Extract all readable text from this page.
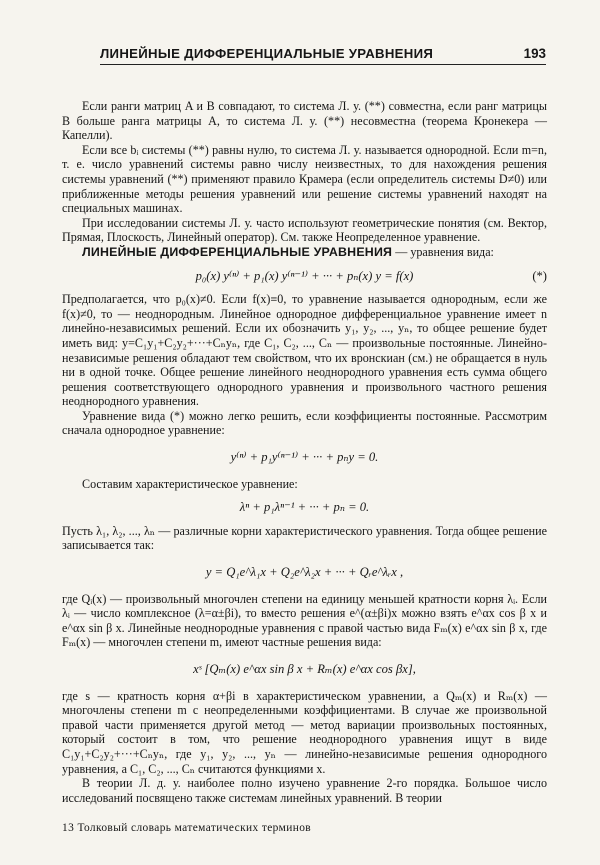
ЛИНЕЙНЫЕ ДИФФЕРЕНЦИАЛЬНЫЕ УРАВНЕНИЯ	193

Если ранги матриц A и B совпадают, то система Л. у. (**) совместна, если ранг матрицы B больше ранга матрицы A, то система Л. у. (**) несовместна (теорема Кронекера — Капелли).

Если все bᵢ системы (**) равны нулю, то система Л. у. называется однородной. Если m=n, т. е. число уравнений системы равно числу неизвестных, то для нахождения решения системы уравнений (**) применяют правило Крамера (если определитель системы D≠0) или приближенные методы решения уравнений или решение системы уравнений находят на специальных машинах.

При исследовании системы Л. у. часто используют геометрические понятия (см. Вектор, Прямая, Плоскость, Линейный оператор). См. также Неопределенное уравнение.

ЛИНЕЙНЫЕ ДИФФЕРЕНЦИАЛЬНЫЕ УРАВНЕНИЯ — уравнения вида:

p₀(x) y⁽ⁿ⁾ + p₁(x) y⁽ⁿ⁻¹⁾ + ··· + pₙ(x) y = f(x)	(*)

Предполагается, что p₀(x)≠0. Если f(x)≡0, то уравнение называется однородным, если же f(x)≠0, то — неоднородным. Линейное однородное дифференциальное уравнение имеет n линейно-независимых решений. Если их обозначить y₁, y₂, ..., yₙ, то общее решение будет иметь вид: y=C₁y₁+C₂y₂+···+Cₙyₙ, где C₁, C₂, ..., Cₙ — произвольные постоянные. Линейно-независимые решения обладают тем свойством, что их вронскиан (см.) не обращается в нуль ни в одной точке. Общее решение линейного неоднородного уравнения есть сумма общего решения соответствующего однородного уравнения и произвольного частного решения неоднородного уравнения.

Уравнение вида (*) можно легко решить, если коэффициенты постоянные. Рассмотрим сначала однородное уравнение:

y⁽ⁿ⁾ + p₁y⁽ⁿ⁻¹⁾ + ··· + pₙy = 0.

Составим характеристическое уравнение:

λⁿ + p₁λⁿ⁻¹ + ··· + pₙ = 0.

Пусть λ₁, λ₂, ..., λₙ — различные корни характеристического уравнения. Тогда общее решение записывается так:

y = Q₁e^λ₁x + Q₂e^λ₂x + ··· + Qᵣe^λᵣx ,

где Qᵢ(x) — произвольный многочлен степени на единицу меньшей кратности корня λᵢ. Если λᵢ — число комплексное (λ=α±βi), то вместо решения e^(α±βi)x можно взять e^αx cos β x и e^αx sin β x. Линейные неоднородные уравнения с правой частью вида Fₘ(x) e^αx sin β x, где Fₘ(x) — многочлен степени m, имеют частные решения вида:

xˢ [Qₘ(x) e^αx sin β x + Rₘ(x) e^αx cos βx],

где s — кратность корня α+βi в характеристическом уравнении, а Qₘ(x) и Rₘ(x) — многочлены степени m с неопределенными коэффициентами. В случае же произвольной правой части применяется другой метод — метод вариации произвольных постоянных, который состоит в том, что решение неоднородного уравнения ищут в виде C₁y₁+C₂y₂+···+Cₙyₙ, где y₁, y₂, ..., yₙ — линейно-независимые решения однородного уравнения, а C₁, C₂, ..., Cₙ считаются функциями x.

В теории Л. д. у. наиболее полно изучено уравнение 2-го порядка. Большое число исследований посвящено также системам линейных уравнений. В теории

13 Толковый словарь математических терминов
